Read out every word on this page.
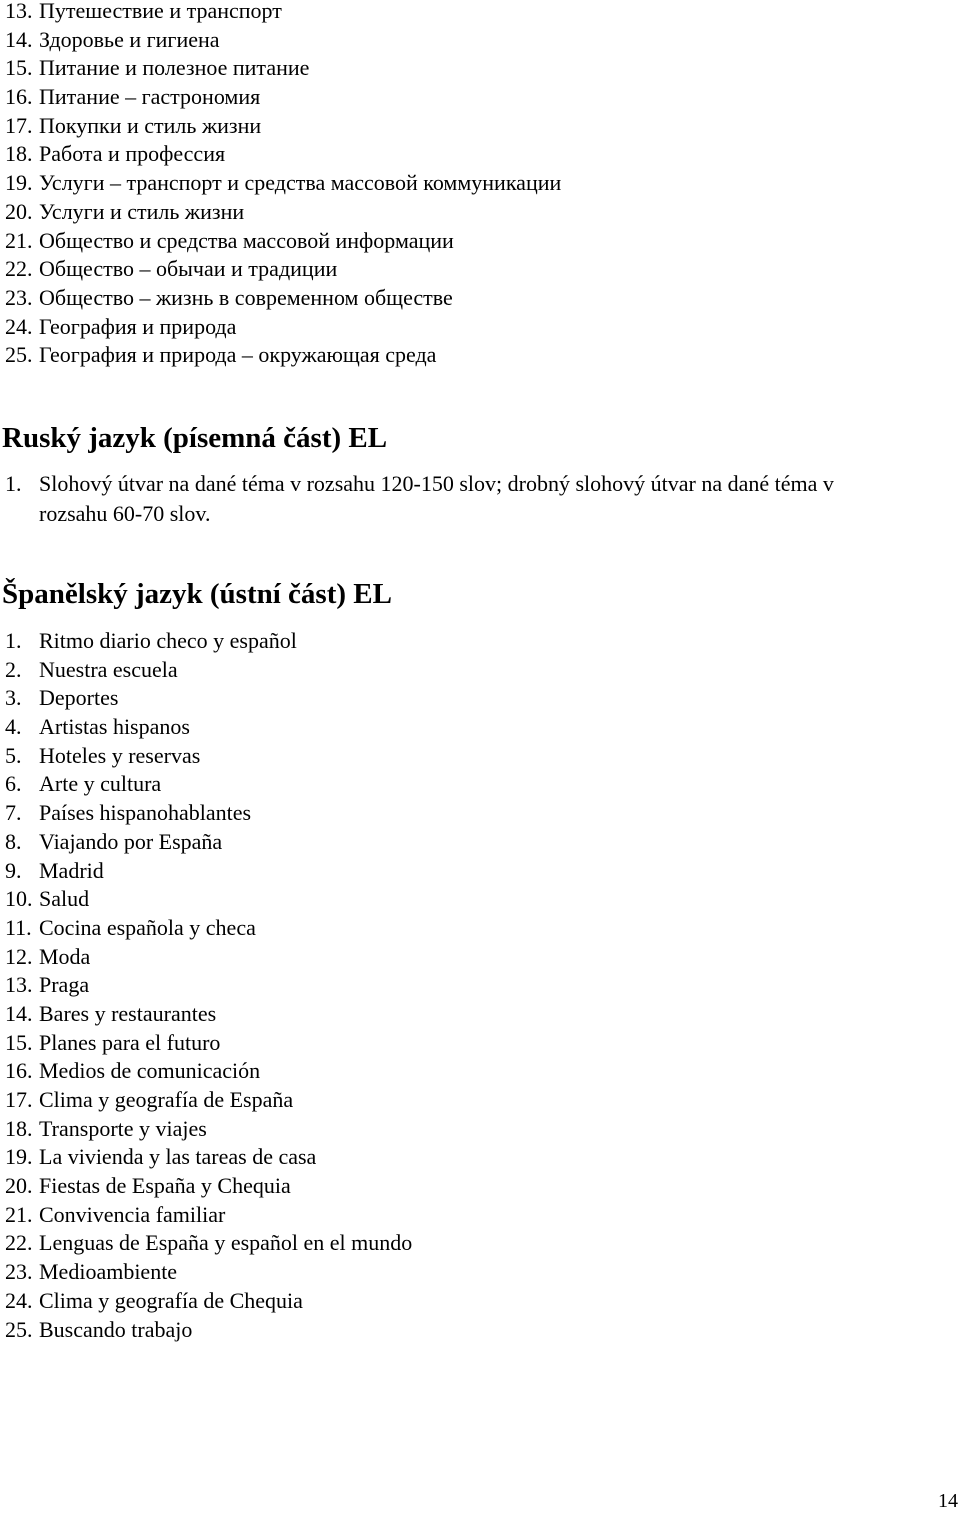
13. Путешествие и транспорт
14. Здоровье и гигиена
15. Питание и полезное питание
16. Питание – гастрономия
17. Покупки и стиль жизни
18. Работа и профессия
19. Услуги – транспорт и средства массовой коммуникации
20. Услуги и стиль жизни
21. Общество и средства массовой информации
22. Общество – обычаи и традиции
23. Общество – жизнь в современном обществе
24. География и природа
25. География и природа – окружающая среда
Ruský jazyk (písemná část) EL
1. Slohový útvar na dané téma v rozsahu 120-150 slov; drobný slohový útvar na dané téma v
rozsahu 60-70 slov.
Španělský jazyk (ústní část) EL
1. Ritmo diario checo y español
2. Nuestra escuela
3. Deportes
4. Artistas hispanos
5. Hoteles y reservas
6. Arte y cultura
7. Países hispanohablantes
8. Viajando por España
9. Madrid
10. Salud
11. Cocina española y checa
12. Moda
13. Praga
14. Bares y restaurantes
15. Planes para el futuro
16. Medios de comunicación
17. Clima y geografía de España
18. Transporte y viajes
19. La vivienda y las tareas de casa
20. Fiestas de España y Chequia
21. Convivencia familiar
22. Lenguas de España y español en el mundo
23. Medioambiente
24. Clima y geografía de Chequia
25. Buscando trabajo
14
